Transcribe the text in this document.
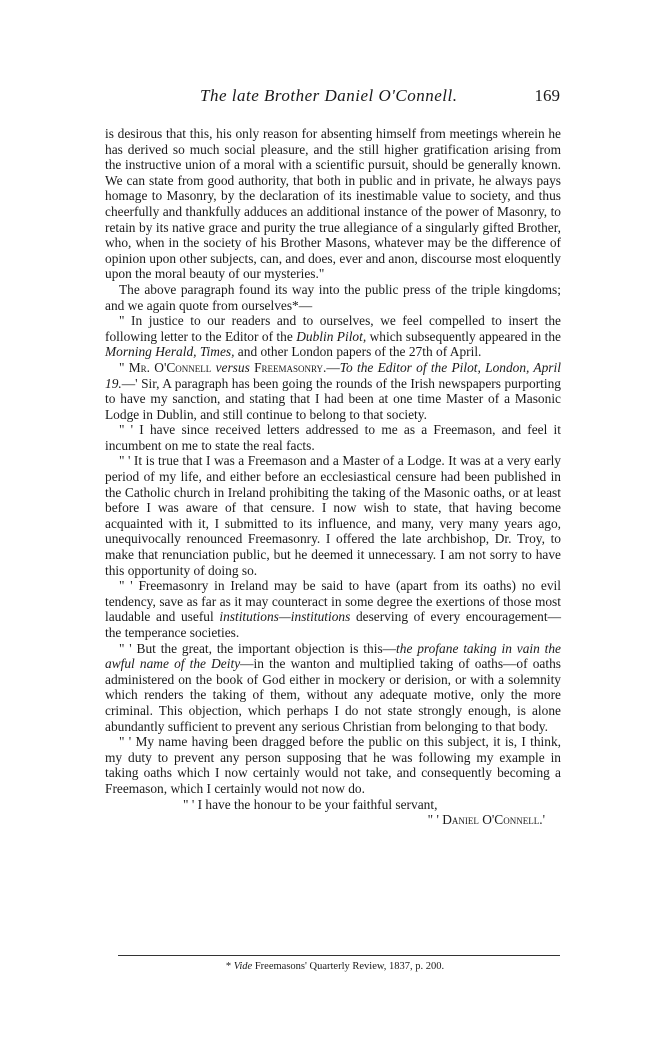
The late Brother Daniel O'Connell.	169

is desirous that this, his only reason for absenting himself from meetings wherein he has derived so much social pleasure, and the still higher gratification arising from the instructive union of a moral with a scientific pursuit, should be generally known. We can state from good authority, that both in public and in private, he always pays homage to Masonry, by the declaration of its inestimable value to society, and thus cheerfully and thankfully adduces an additional instance of the power of Masonry, to retain by its native grace and purity the true allegiance of a singularly gifted Brother, who, when in the society of his Brother Masons, whatever may be the difference of opinion upon other subjects, can, and does, ever and anon, discourse most eloquently upon the moral beauty of our mysteries."

The above paragraph found its way into the public press of the triple kingdoms; and we again quote from ourselves*—

" In justice to our readers and to ourselves, we feel compelled to insert the following letter to the Editor of the Dublin Pilot, which subsequently appeared in the Morning Herald, Times, and other London papers of the 27th of April.

" Mr. O'Connell versus Freemasonry.—To the Editor of the Pilot, London, April 19.—' Sir, A paragraph has been going the rounds of the Irish newspapers purporting to have my sanction, and stating that I had been at one time Master of a Masonic Lodge in Dublin, and still continue to belong to that society.

" ' I have since received letters addressed to me as a Freemason, and feel it incumbent on me to state the real facts.

" ' It is true that I was a Freemason and a Master of a Lodge. It was at a very early period of my life, and either before an ecclesiastical censure had been published in the Catholic church in Ireland prohibiting the taking of the Masonic oaths, or at least before I was aware of that censure. I now wish to state, that having become acquainted with it, I submitted to its influence, and many, very many years ago, unequivocally renounced Freemasonry. I offered the late archbishop, Dr. Troy, to make that renunciation public, but he deemed it unnecessary. I am not sorry to have this opportunity of doing so.

" ' Freemasonry in Ireland may be said to have (apart from its oaths) no evil tendency, save as far as it may counteract in some degree the exertions of those most laudable and useful institutions—institutions deserving of every encouragement—the temperance societies.

" ' But the great, the important objection is this—the profane taking in vain the awful name of the Deity—in the wanton and multiplied taking of oaths—of oaths administered on the book of God either in mockery or derision, or with a solemnity which renders the taking of them, without any adequate motive, only the more criminal. This objection, which perhaps I do not state strongly enough, is alone abundantly sufficient to prevent any serious Christian from belonging to that body.

" ' My name having been dragged before the public on this subject, it is, I think, my duty to prevent any person supposing that he was following my example in taking oaths which I now certainly would not take, and consequently becoming a Freemason, which I certainly would not now do.

" ' I have the honour to be your faithful servant,

" ' Daniel O'Connell.'

* Vide Freemasons' Quarterly Review, 1837, p. 200.
